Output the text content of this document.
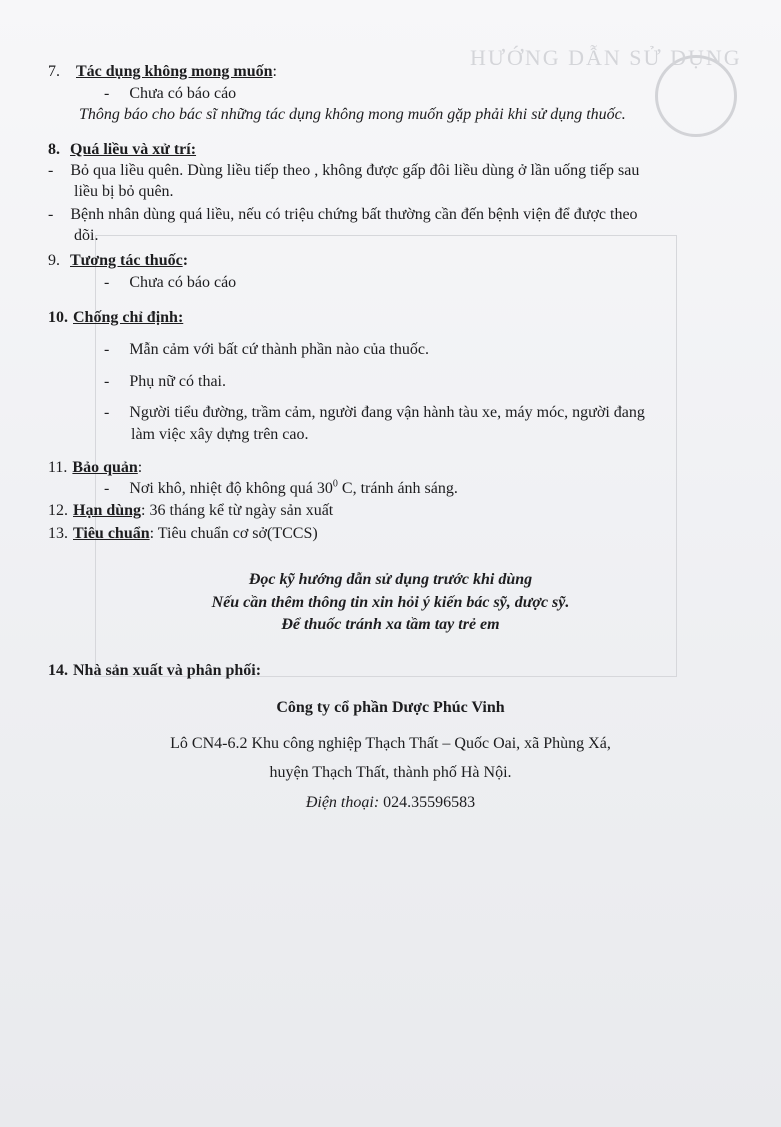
HƯỚNG DẪN SỬ DỤNG
7. Tác dụng không mong muốn:
- Chưa có báo cáo
Thông báo cho bác sĩ những tác dụng không mong muốn gặp phải khi sử dụng thuốc.
8. Quá liều và xử trí:
- Bỏ qua liều quên. Dùng liều tiếp theo , không được gấp đôi liều dùng ở lần uống tiếp sau
liều bị bỏ quên.
- Bệnh nhân dùng quá liều, nếu có triệu chứng bất thường cần đến bệnh viện để được theo
dõi.
9. Tương tác thuốc:
- Chưa có báo cáo
10. Chống chỉ định:
- Mẫn cảm với bất cứ thành phần nào của thuốc.
- Phụ nữ có thai.
- Người tiểu đường, trầm cảm, người đang vận hành tàu xe, máy móc, người đang
làm việc xây dựng trên cao.
11. Bảo quản:
- Nơi khô, nhiệt độ không quá $30^0$ C, tránh ánh sáng.
12. Hạn dùng: 36 tháng kể từ ngày sản xuất
13. Tiêu chuẩn: Tiêu chuẩn cơ sở(TCCS)
Đọc kỹ hướng dẫn sử dụng trước khi dùng
Nếu cần thêm thông tin xin hỏi ý kiến bác sỹ, dược sỹ.
Để thuốc tránh xa tầm tay trẻ em
14. Nhà sản xuất và phân phối:
Công ty cổ phần Dược Phúc Vinh
Lô CN4-6.2 Khu công nghiệp Thạch Thất – Quốc Oai, xã Phùng Xá,
huyện Thạch Thất, thành phố Hà Nội.
Điện thoại: 024.35596583
